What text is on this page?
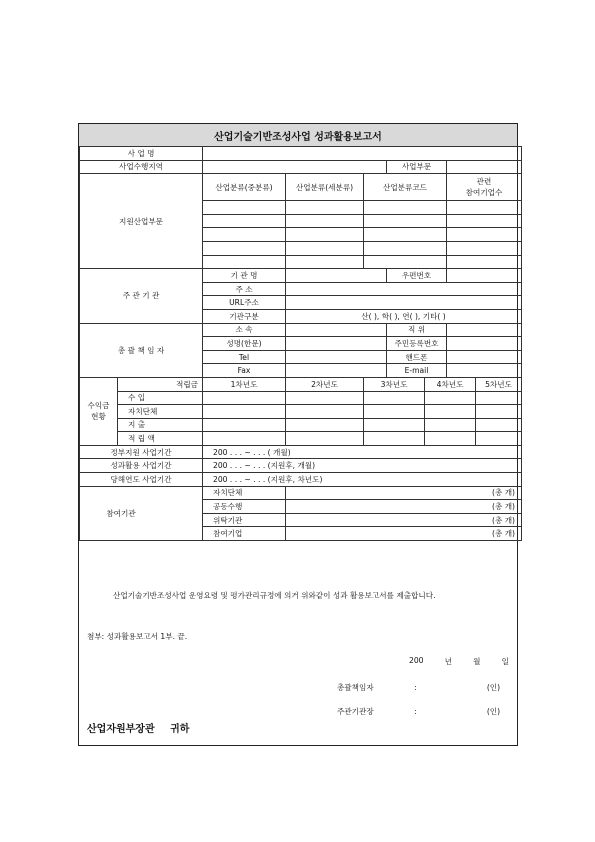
산업기술기반조성사업 성과활용보고서
사 업 명									
사업수행지역					사업부문				
지원산업부문		산업분류(중분류)	산업분류(세분류)	산업분류코드			관련
참여기업수		

주 관 기 관		기 관 명			우편번호				
		주 소							
		URL주소							
		기관구분	산( ), 학( ), 연( ), 기타( )						
총 괄 책 임 자		소 속			직 위				
		성명(한문)			주민등록번호				
		Tel			핸드폰				
		Fax			E-mail				
수익금
현황	적립금	1차년도	2차년도	3차년도		4차년도		5차년도	
	수 입								
	자치단체								
	지 출								
	적 립 액								
정부지원 사업기간		200 . . . ~ . . . ( 개월)							
성과활용 사업기간		200 . . . ~ . . . (지원후, 개월)							
당해연도 사업기간		200 . . . ~ . . . (지원후, 차년도)							
참여기관		자치단체	(총 개)						
		공동수행	(총 개)						
		위탁기관	(총 개)						
		참여기업	(총 개)						

산업기술기반조성사업 운영요령 및 평가관리규정에 의거 위와같이 성과 활용보고서를 제출합니다.

첨부: 성과활용보고서 1부. 끝.

200	년	월	일
총괄책임자	:	(인)
주관기관장	:	(인)
산업자원부장관 귀하
